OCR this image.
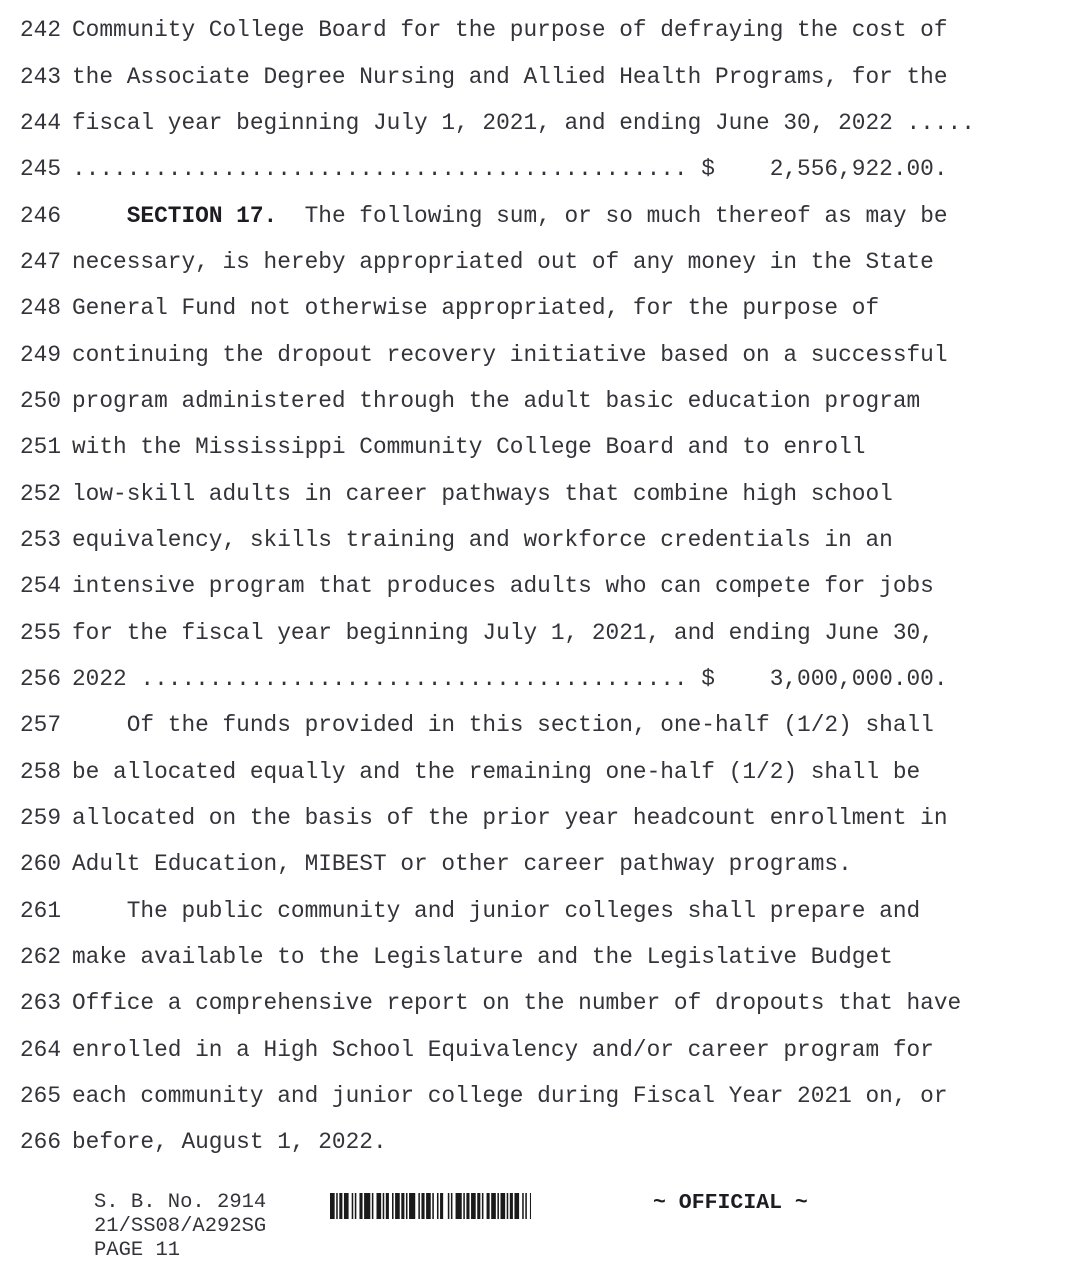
242 Community College Board for the purpose of defraying the cost of
243 the Associate Degree Nursing and Allied Health Programs, for the
244 fiscal year beginning July 1, 2021, and ending June 30, 2022 .....
245 ............................................. $    2,556,922.00.
246	SECTION 17.  The following sum, or so much thereof as may be
247 necessary, is hereby appropriated out of any money in the State
248 General Fund not otherwise appropriated, for the purpose of
249 continuing the dropout recovery initiative based on a successful
250 program administered through the adult basic education program
251 with the Mississippi Community College Board and to enroll
252 low-skill adults in career pathways that combine high school
253 equivalency, skills training and workforce credentials in an
254 intensive program that produces adults who can compete for jobs
255 for the fiscal year beginning July 1, 2021, and ending June 30,
256 2022 ........................................ $    3,000,000.00.
257 Of the funds provided in this section, one-half (1/2) shall
258 be allocated equally and the remaining one-half (1/2) shall be
259 allocated on the basis of the prior year headcount enrollment in
260 Adult Education, MIBEST or other career pathway programs.
261 The public community and junior colleges shall prepare and
262 make available to the Legislature and the Legislative Budget
263 Office a comprehensive report on the number of dropouts that have
264 enrolled in a High School Equivalency and/or career program for
265 each community and junior college during Fiscal Year 2021 on, or
266 before, August 1, 2022.
S. B. No. 2914
21/SS08/A292SG
PAGE 11
~ OFFICIAL ~
